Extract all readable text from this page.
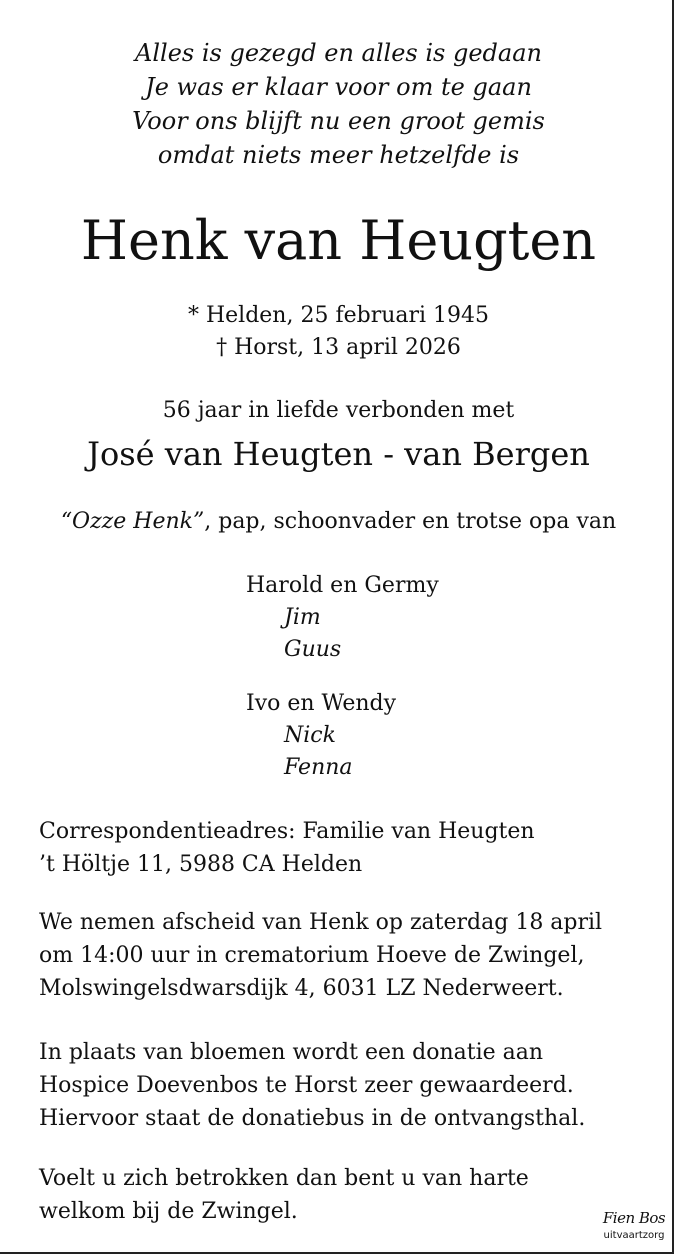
Alles is gezegd en alles is gedaan
Je was er klaar voor om te gaan
Voor ons blijft nu een groot gemis
omdat niets meer hetzelfde is
Henk van Heugten
* Helden, 25 februari 1945
† Horst, 13 april 2026
56 jaar in liefde verbonden met
José van Heugten - van Bergen
“Ozze Henk”, pap, schoonvader en trotse opa van
Harold en Germy
Jim
Guus
Ivo en Wendy
Nick
Fenna
Correspondentieadres: Familie van Heugten
’t Höltje 11, 5988 CA Helden
We nemen afscheid van Henk op zaterdag 18 april
om 14:00 uur in crematorium Hoeve de Zwingel,
Molswingelsdwarsdijk 4, 6031 LZ Nederweert.
In plaats van bloemen wordt een donatie aan
Hospice Doevenbos te Horst zeer gewaardeerd.
Hiervoor staat de donatiebus in de ontvangsthal.
Voelt u zich betrokken dan bent u van harte
welkom bij de Zwingel.	Fien Bos
uitvaartzorg
